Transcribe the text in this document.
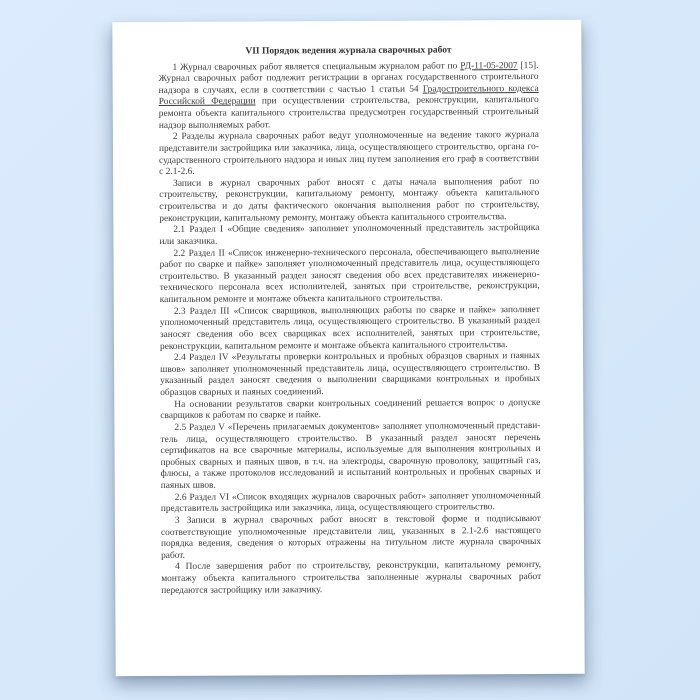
VII Порядок ведения журнала сварочных работ
1 Журнал сварочных работ является специальным журналом работ по РД-11-05-2007 [15]. Журнал сварочных работ подлежит регистрации в органах государственного строительного надзора в случаях, если в соответствии с частью 1 статьи 54 Градостроительного кодекса Российской Федерации при осуществлении строительства, реконструкции, капитального ремонта объекта капитального строительства предусмотрен государственный строительный надзор выполняемых работ.
2 Разделы журнала сварочных работ ведут уполномоченные на ведение такого журнала представители застройщика или заказчика, лица, осуществляющего строительство, органа государственного строительного надзора и иных лиц путем заполнения его граф в соответствии с 2.1-2.6.
Записи в журнал сварочных работ вносят с даты начала выполнения работ по строительству, реконструкции, капитальному ремонту, монтажу объекта капитального строительства и до даты фактического окончания выполнения работ по строительству, реконструкции, капитальному ремонту, монтажу объекта капитального строительства.
2.1 Раздел I «Общие сведения» заполняет уполномоченный представитель застройщика или заказчика.
2.2 Раздел II «Список инженерно-технического персонала, обеспечивающего выполнение работ по сварке и пайке» заполняет уполномоченный представитель лица, осуществляющего строительство. В указанный раздел заносят сведения обо всех представителях инженерно-технического персонала всех исполнителей, занятых при строительстве, реконструкции, капитальном ремонте и монтаже объекта капитального строительства.
2.3 Раздел III «Список сварщиков, выполняющих работы по сварке и пайке» заполняет уполномоченный представитель лица, осуществляющего строительство. В указанный раздел заносят сведения обо всех сварщиках всех исполнителей, занятых при строительстве, реконструкции, капитальном ремонте и монтаже объекта капитального строительства.
2.4 Раздел IV «Результаты проверки контрольных и пробных образцов сварных и паяных швов» заполняет уполномоченный представитель лица, осуществляющего строительство. В указанный раздел заносят сведения о выполнении сварщиками контрольных и пробных образцов сварных и паяных соединений.
На основании результатов сварки контрольных соединений решается вопрос о допуске сварщиков к работам по сварке и пайке.
2.5 Раздел V «Перечень прилагаемых документов» заполняет уполномоченный представитель лица, осуществляющего строительство. В указанный раздел заносят перечень сертификатов на все сварочные материалы, используемые для выполнения контрольных и пробных сварных и паяных швов, в т.ч. на электроды, сварочную проволоку, защитный газ, флюсы, а также протоколов исследований и испытаний контрольных и пробных сварных и паяных швов.
2.6 Раздел VI «Список входящих журналов сварочных работ» заполняет уполномоченный представитель застройщика или заказчика, лица, осуществляющего строительство.
3 Записи в журнал сварочных работ вносят в текстовой форме и подписывают соответствующие уполномоченные представители лиц, указанных в 2.1-2.6 настоящего порядка ведения, сведения о которых отражены на титульном листе журнала сварочных работ.
4 После завершения работ по строительству, реконструкции, капитальному ремонту, монтажу объекта капитального строительства заполненные журналы сварочных работ передаются застройщику или заказчику.
